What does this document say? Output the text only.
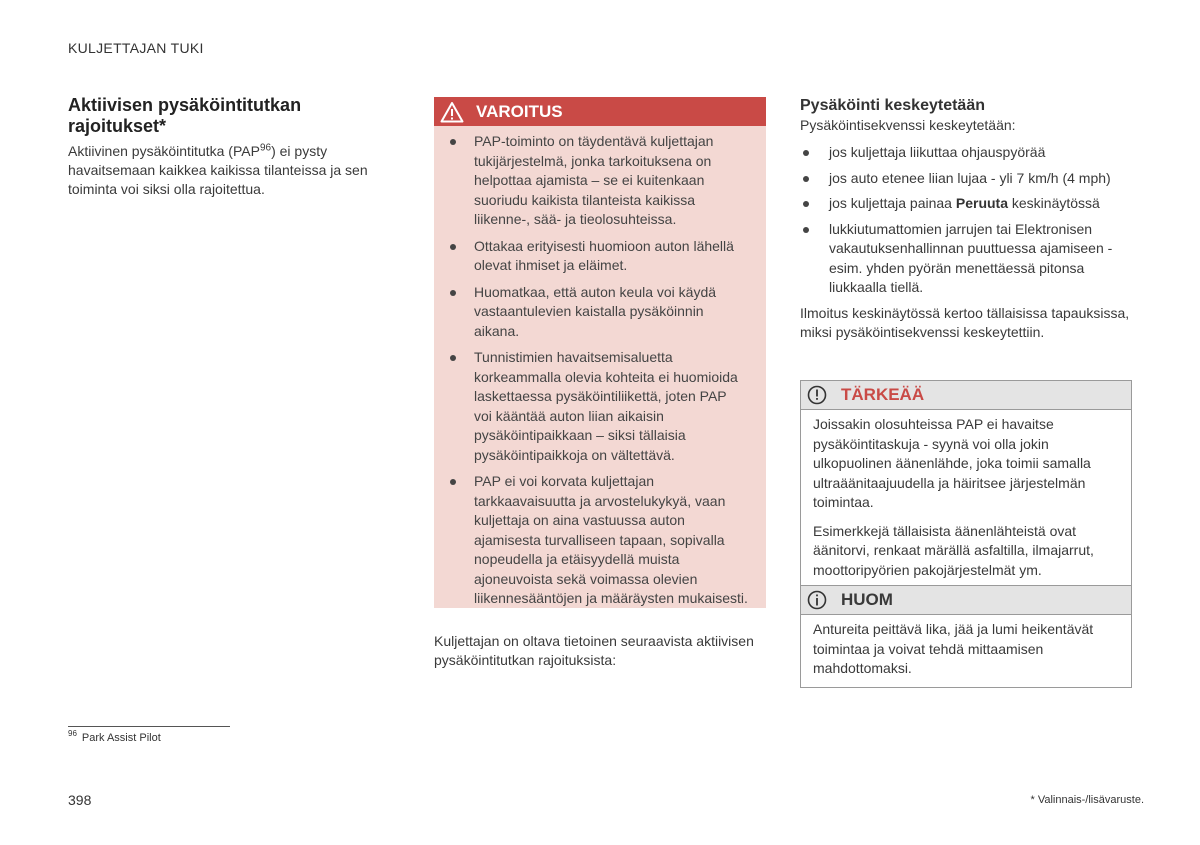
KULJETTAJAN TUKI
Aktiivisen pysäköintitutkan rajoitukset*

Aktiivinen pysäköintitutka (PAP$^{96}$) ei pysty havaitsemaan kaikkea kaikissa tilanteissa ja sen toiminta voi siksi olla rajoitettua.

VAROITUS
PAP-toiminto on täydentävä kuljettajan tukijärjestelmä, jonka tarkoituksena on helpottaa ajamista – se ei kuitenkaan suoriudu kaikista tilanteista kaikissa liikenne-, sää- ja tieolosuhteissa.
Ottakaa erityisesti huomioon auton lähellä olevat ihmiset ja eläimet.
Huomatkaa, että auton keula voi käydä vastaantulevien kaistalla pysäköinnin aikana.
Tunnistimien havaitsemisaluetta korkeammalla olevia kohteita ei huomioida laskettaessa pysäköintiliikettä, joten PAP voi kääntää auton liian aikaisin pysäköintipaikkaan – siksi tällaisia pysäköintipaikkoja on vältettävä.
PAP ei voi korvata kuljettajan tarkkaavaisuutta ja arvostelukykyä, vaan kuljettaja on aina vastuussa auton ajamisesta turvalliseen tapaan, sopivalla nopeudella ja etäisyydellä muista ajoneuvoista sekä voimassa olevien liikennesääntöjen ja määräysten mukaisesti.

Kuljettajan on oltava tietoinen seuraavista aktiivisen pysäköintitutkan rajoituksista:

Pysäköinti keskeytetään

Pysäköintisekvenssi keskeytetään:

jos kuljettaja liikuttaa ohjauspyörää
jos auto etenee liian lujaa - yli 7 km/h (4 mph)
jos kuljettaja painaa Peruuta keskinäytössä
lukkiutumattomien jarrujen tai Elektronisen vakautuksenhallinnan puuttuessa ajamiseen - esim. yhden pyörän menettäessä pitonsa liukkaalla tiellä.

Ilmoitus keskinäytössä kertoo tällaisissa tapauksissa, miksi pysäköintisekvenssi keskeytettiin.

TÄRKEÄÄ

Joissakin olosuhteissa PAP ei havaitse pysäköintitaskuja - syynä voi olla jokin ulkopuolinen äänenlähde, joka toimii samalla ultraäänitaajuudella ja häiritsee järjestelmän toimintaa.

Esimerkkejä tällaisista äänenlähteistä ovat äänitorvi, renkaat märällä asfaltilla, ilmajarrut, moottoripyörien pakojärjestelmät ym.

HUOM

Antureita peittävä lika, jää ja lumi heikentävät toimintaa ja voivat tehdä mittaamisen mahdottomaksi.

$^{96}$ Park Assist Pilot
398	* Valinnais-/lisävaruste.
